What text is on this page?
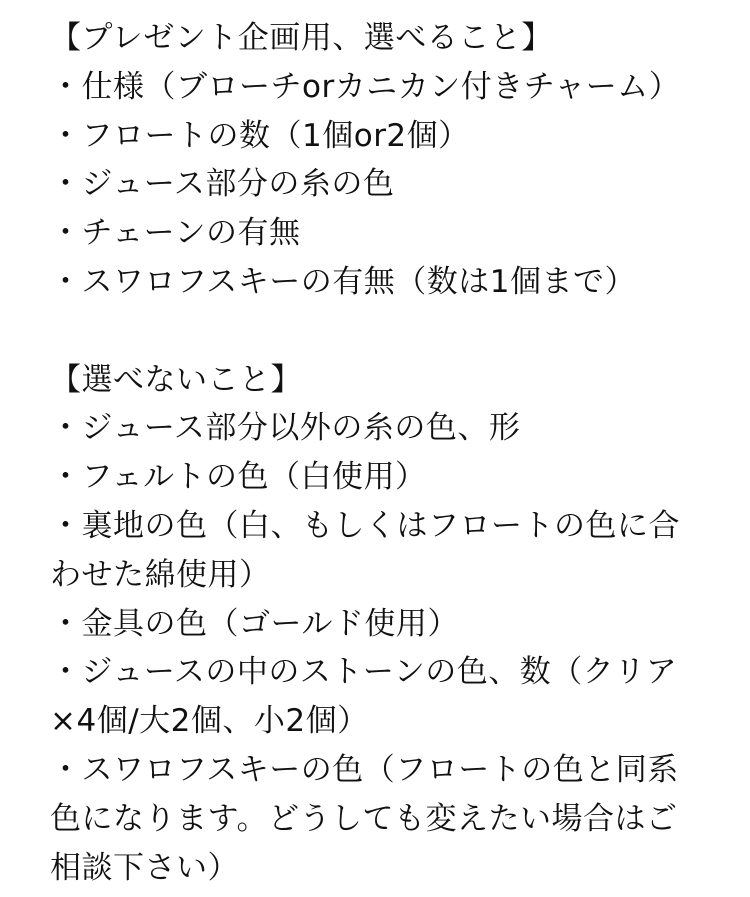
【プレゼント企画用、選べること】
・仕様（ブローチorカニカン付きチャーム）
・フロートの数（1個or2個）
・ジュース部分の糸の色
・チェーンの有無
・スワロフスキーの有無（数は1個まで）
【選べないこと】
・ジュース部分以外の糸の色、形
・フェルトの色（白使用）
・裏地の色（白、もしくはフロートの色に合
わせた綿使用）
・金具の色（ゴールド使用）
・ジュースの中のストーンの色、数（クリア
×4個/大2個、小2個）
・スワロフスキーの色（フロートの色と同系
色になります。どうしても変えたい場合はご
相談下さい）
